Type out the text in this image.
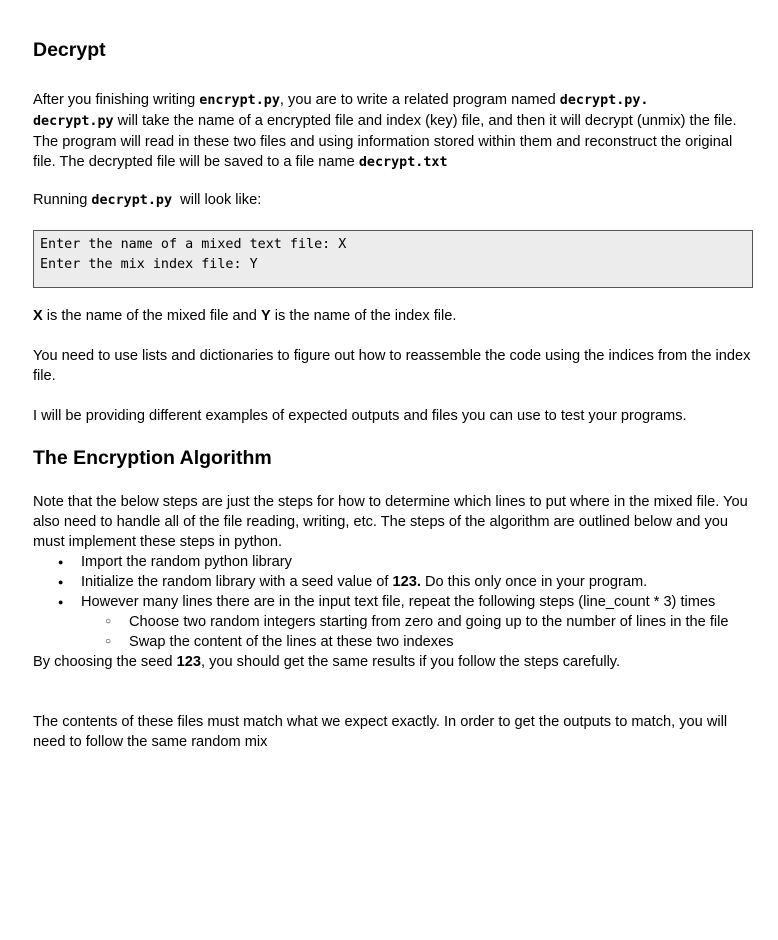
Decrypt

After you finishing writing encrypt.py, you are to write a related program named decrypt.py.
decrypt.py will take the name of a encrypted file and index (key) file, and then it will decrypt (unmix) the file. The program will read in these two files and using information stored within them and reconstruct the original file. The decrypted file will be saved to a file name decrypt.txt

Running decrypt.py  will look like:

Enter the name of a mixed text file: X
Enter the mix index file: Y

X is the name of the mixed file and Y is the name of the index file.

You need to use lists and dictionaries to figure out how to reassemble the code using the indices from the index file.

I will be providing different examples of expected outputs and files you can use to test your programs.

The Encryption Algorithm

Note that the below steps are just the steps for how to determine which lines to put where in the mixed file. You also need to handle all of the file reading, writing, etc. The steps of the algorithm are outlined below and you must implement these steps in python.

● Import the random python library
● Initialize the random library with a seed value of 123. Do this only once in your program.
● However many lines there are in the input text file, repeat the following steps (line_count * 3) times
○ Choose two random integers starting from zero and going up to the number of lines in the file
○ Swap the content of the lines at these two indexes

By choosing the seed 123, you should get the same results if you follow the steps carefully.

The contents of these files must match what we expect exactly. In order to get the outputs to match, you will need to follow the same random mix
